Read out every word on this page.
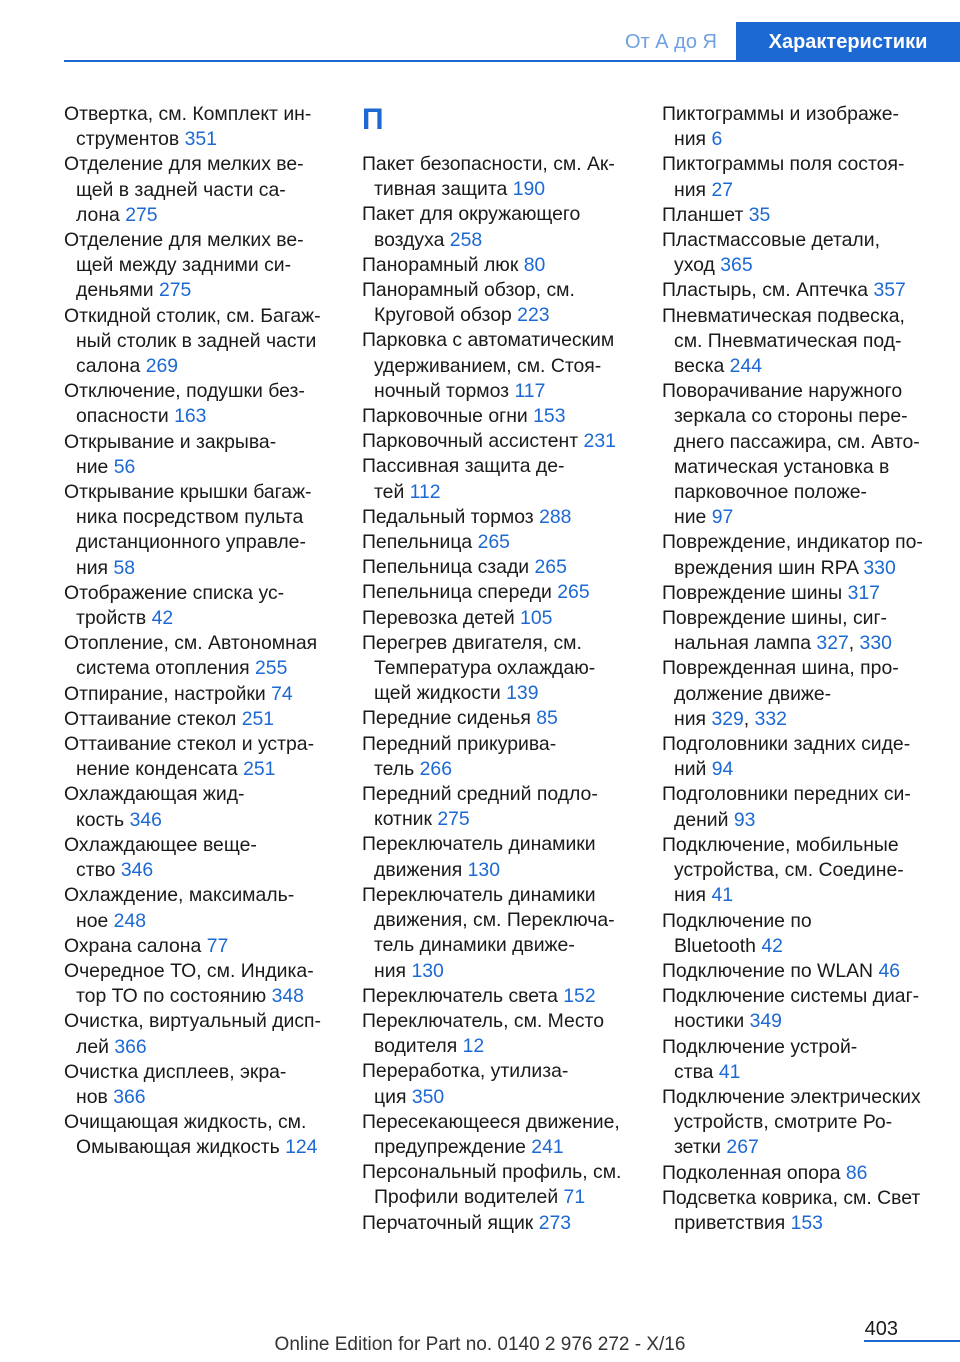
От А до Я	Характеристики
Отвертка, см. Комплект ин-
струментов 351
Отделение для мелких ве-
щей в задней части са-
лона 275
Отделение для мелких ве-
щей между задними си-
деньями 275
Откидной столик, см. Багаж-
ный столик в задней части
салона 269
Отключение, подушки без-
опасности 163
Открывание и закрыва-
ние 56
Открывание крышки багаж-
ника посредством пульта
дистанционного управле-
ния 58
Отображение списка ус-
тройств 42
Отопление, см. Автономная
система отопления 255
Отпирание, настройки 74
Оттаивание стекол 251
Оттаивание стекол и устра-
нение конденсата 251
Охлаждающая жид-
кость 346
Охлаждающее веще-
ство 346
Охлаждение, максималь-
ное 248
Охрана салона 77
Очередное ТО, см. Индика-
тор ТО по состоянию 348
Очистка, виртуальный дисп-
лей 366
Очистка дисплеев, экра-
нов 366
Очищающая жидкость, см.
Омывающая жидкость 124
П
Пакет безопасности, см. Ак-
тивная защита 190
Пакет для окружающего
воздуха 258
Панорамный люк 80
Панорамный обзор, см.
Круговой обзор 223
Парковка с автоматическим
удерживанием, см. Стоя-
ночный тормоз 117
Парковочные огни 153
Парковочный ассистент 231
Пассивная защита де-
тей 112
Педальный тормоз 288
Пепельница 265
Пепельница сзади 265
Пепельница спереди 265
Перевозка детей 105
Перегрев двигателя, см.
Температура охлаждаю-
щей жидкости 139
Передние сиденья 85
Передний прикурива-
тель 266
Передний средний подло-
котник 275
Переключатель динамики
движения 130
Переключатель динамики
движения, см. Переключа-
тель динамики движе-
ния 130
Переключатель света 152
Переключатель, см. Место
водителя 12
Переработка, утилиза-
ция 350
Пересекающееся движение,
предупреждение 241
Персональный профиль, см.
Профили водителей 71
Перчаточный ящик 273
Пиктограммы и изображе-
ния 6
Пиктограммы поля состоя-
ния 27
Планшет 35
Пластмассовые детали,
уход 365
Пластырь, см. Аптечка 357
Пневматическая подвеска,
см. Пневматическая под-
веска 244
Поворачивание наружного
зеркала со стороны пере-
днего пассажира, см. Авто-
матическая установка в
парковочное положе-
ние 97
Повреждение, индикатор по-
вреждения шин RPA 330
Повреждение шины 317
Повреждение шины, сиг-
нальная лампа 327, 330
Поврежденная шина, про-
должение движе-
ния 329, 332
Подголовники задних сиде-
ний 94
Подголовники передних си-
дений 93
Подключение, мобильные
устройства, см. Соедине-
ния 41
Подключение по
Bluetooth 42
Подключение по WLAN 46
Подключение системы диаг-
ностики 349
Подключение устрой-
ства 41
Подключение электрических
устройств, смотрите Ро-
зетки 267
Подколенная опора 86
Подсветка коврика, см. Свет
приветствия 153
403
Online Edition for Part no. 0140 2 976 272 - X/16
